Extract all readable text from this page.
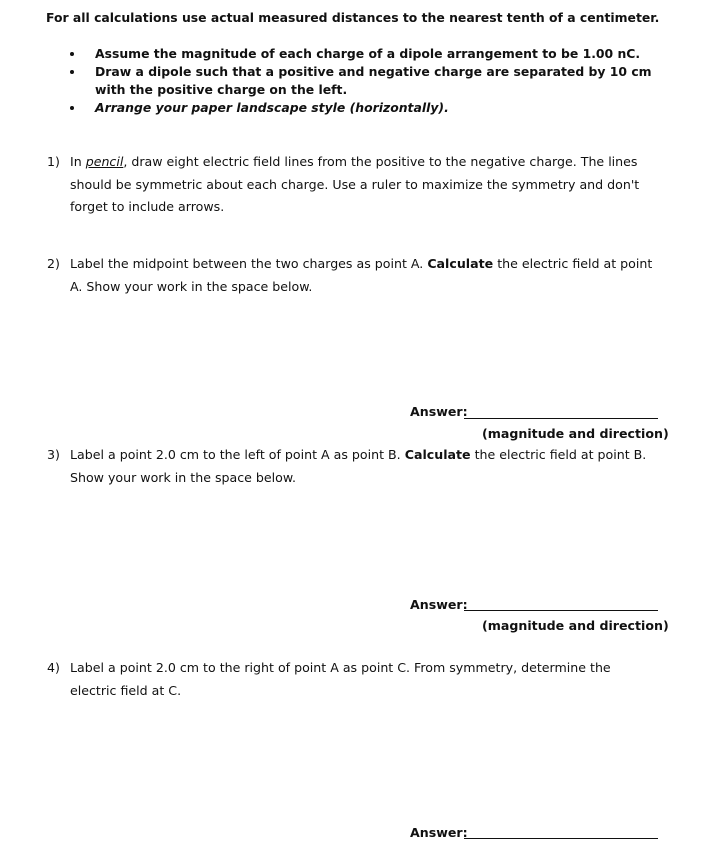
For all calculations use actual measured distances to the nearest tenth of a centimeter.
Assume the magnitude of each charge of a dipole arrangement to be 1.00 nC.
Draw a dipole such that a positive and negative charge are separated by 10 cm with the positive charge on the left.
Arrange your paper landscape style (horizontally).
1) In pencil, draw eight electric field lines from the positive to the negative charge. The lines should be symmetric about each charge. Use a ruler to maximize the symmetry and don't forget to include arrows.
2) Label the midpoint between the two charges as point A. Calculate the electric field at point A. Show your work in the space below.
Answer:
(magnitude and direction)
3) Label a point 2.0 cm to the left of point A as point B. Calculate the electric field at point B. Show your work in the space below.
Answer:
(magnitude and direction)
4) Label a point 2.0 cm to the right of point A as point C. From symmetry, determine the electric field at C.
Answer:
